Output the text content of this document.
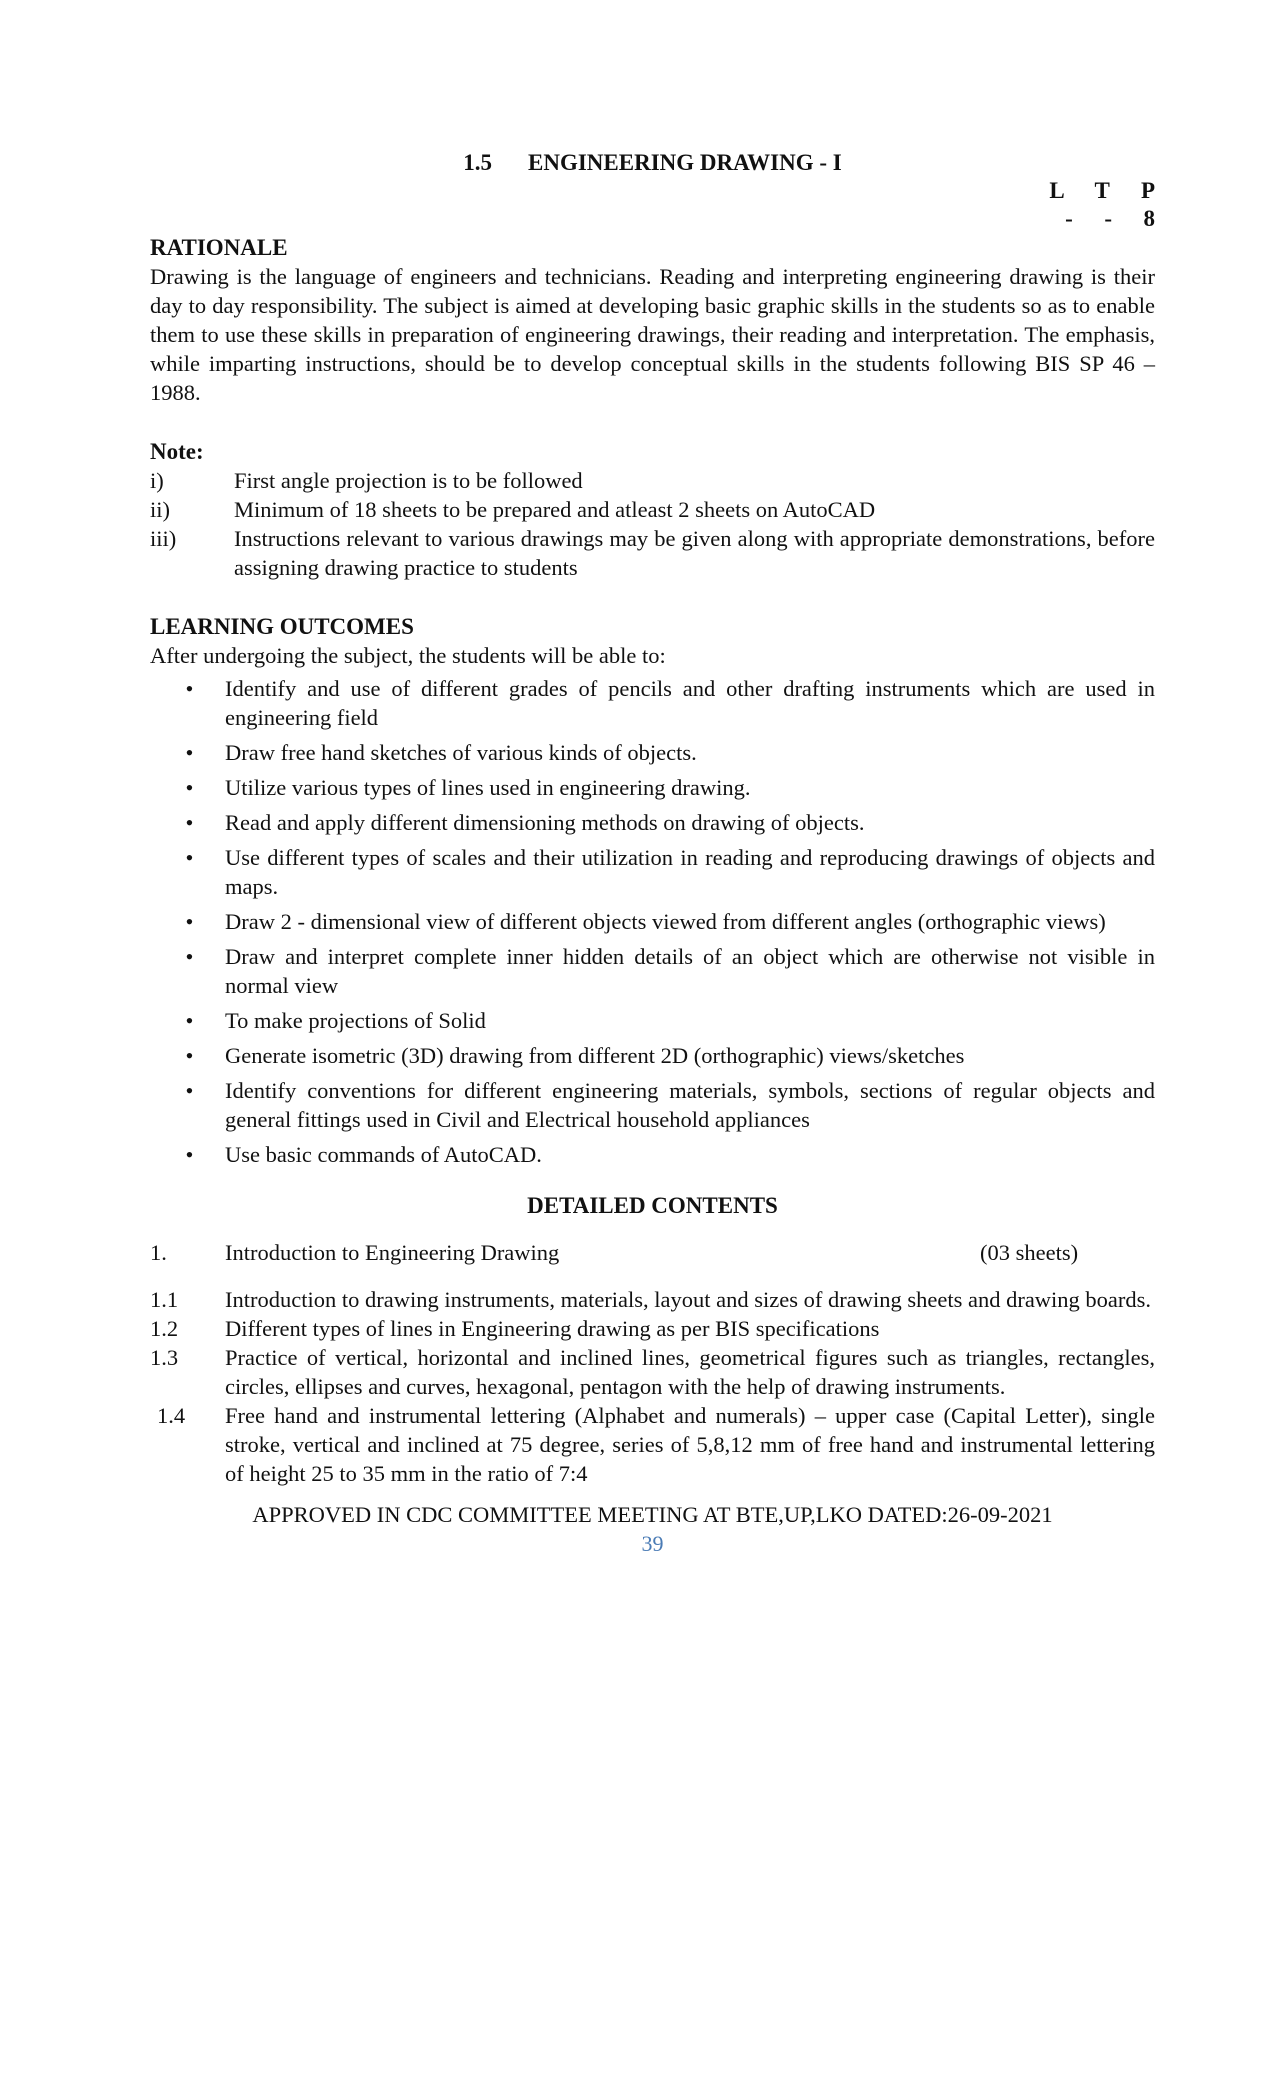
1.5 ENGINEERING DRAWING - I
L  T  P
-  -  8
RATIONALE

Drawing is the language of engineers and technicians. Reading and interpreting engineering drawing is their day to day responsibility. The subject is aimed at developing basic graphic skills in the students so as to enable them to use these skills in preparation of engineering drawings, their reading and interpretation. The emphasis, while imparting instructions, should be to develop conceptual skills in the students following BIS SP 46 – 1988.

Note:
i)	First angle projection is to be followed
ii)	Minimum of 18 sheets to be prepared and atleast 2 sheets on AutoCAD
iii)	Instructions relevant to various drawings may be given along with appropriate demonstrations, before assigning drawing practice to students
LEARNING OUTCOMES
After undergoing the subject, the students will be able to:
•	Identify and use of different grades of pencils and other drafting instruments which are used in engineering field
•	Draw free hand sketches of various kinds of objects.
•	Utilize various types of lines used in engineering drawing.
•	Read and apply different dimensioning methods on drawing of objects.
•	Use different types of scales and their utilization in reading and reproducing drawings of objects and maps.
•	Draw 2 - dimensional view of different objects viewed from different angles (orthographic views)
•	Draw and interpret complete inner hidden details of an object which are otherwise not visible in normal view
•	To make projections of Solid
•	Generate isometric (3D) drawing from different 2D (orthographic) views/sketches
•	Identify conventions for different engineering materials, symbols, sections of regular objects and general fittings used in Civil and Electrical household appliances
•	Use basic commands of AutoCAD.
DETAILED CONTENTS
1.	Introduction to Engineering Drawing	(03 sheets)
1.1	Introduction to drawing instruments, materials, layout and sizes of drawing sheets and drawing boards.
1.2	Different types of lines in Engineering drawing as per BIS specifications
1.3	Practice of vertical, horizontal and inclined lines, geometrical figures such as triangles, rectangles, circles, ellipses and curves, hexagonal, pentagon with the help of drawing instruments.
1.4	Free hand and instrumental lettering (Alphabet and numerals) – upper case (Capital Letter), single stroke, vertical and inclined at 75 degree, series of 5,8,12 mm of free hand and instrumental lettering of height 25 to 35 mm in the ratio of 7:4
APPROVED IN CDC COMMITTEE MEETING AT BTE,UP,LKO DATED:26-09-2021
39
